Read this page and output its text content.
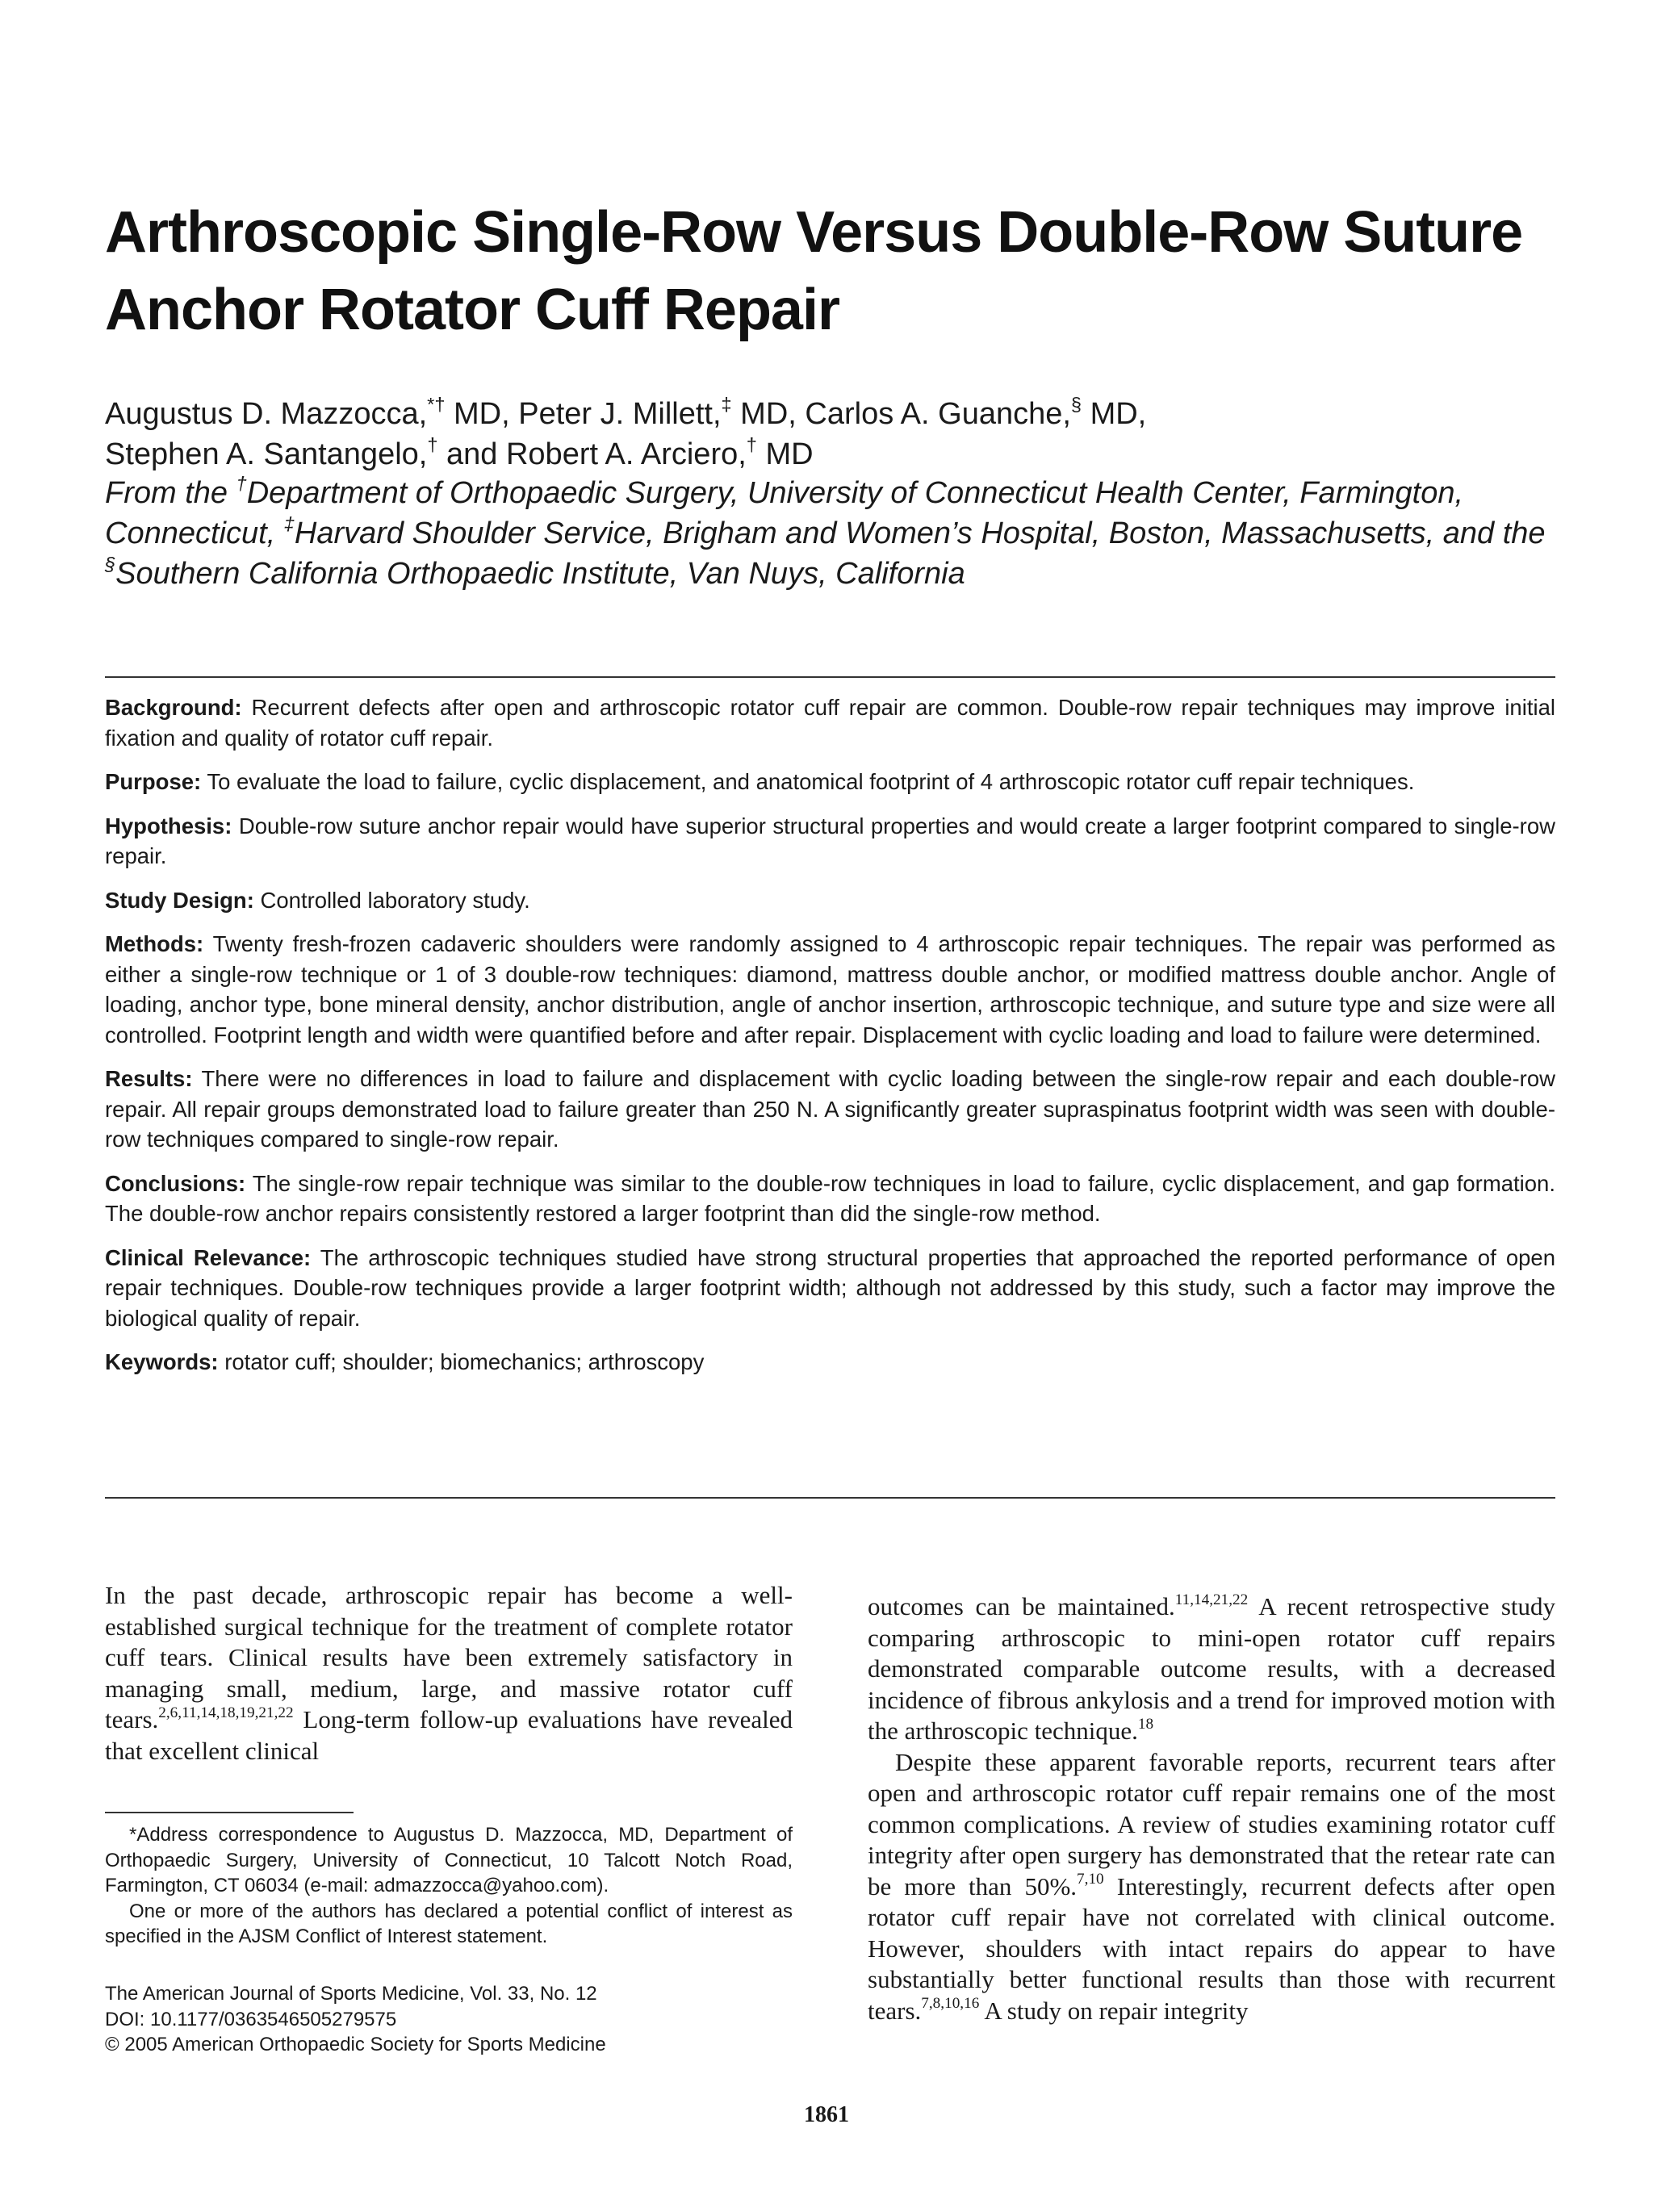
Arthroscopic Single-Row Versus Double-Row Suture Anchor Rotator Cuff Repair

Augustus D. Mazzocca,*† MD, Peter J. Millett,‡ MD, Carlos A. Guanche,§ MD,
Stephen A. Santangelo,† and Robert A. Arciero,† MD

From the †Department of Orthopaedic Surgery, University of Connecticut Health Center, Farmington, Connecticut, ‡Harvard Shoulder Service, Brigham and Women’s Hospital, Boston, Massachusetts, and the §Southern California Orthopaedic Institute, Van Nuys, California

Background: Recurrent defects after open and arthroscopic rotator cuff repair are common. Double-row repair techniques may improve initial fixation and quality of rotator cuff repair.

Purpose: To evaluate the load to failure, cyclic displacement, and anatomical footprint of 4 arthroscopic rotator cuff repair techniques.

Hypothesis: Double-row suture anchor repair would have superior structural properties and would create a larger footprint compared to single-row repair.

Study Design: Controlled laboratory study.

Methods: Twenty fresh-frozen cadaveric shoulders were randomly assigned to 4 arthroscopic repair techniques. The repair was performed as either a single-row technique or 1 of 3 double-row techniques: diamond, mattress double anchor, or modified mattress double anchor. Angle of loading, anchor type, bone mineral density, anchor distribution, angle of anchor insertion, arthroscopic technique, and suture type and size were all controlled. Footprint length and width were quantified before and after repair. Displacement with cyclic loading and load to failure were determined.

Results: There were no differences in load to failure and displacement with cyclic loading between the single-row repair and each double-row repair. All repair groups demonstrated load to failure greater than 250 N. A significantly greater supraspinatus footprint width was seen with double-row techniques compared to single-row repair.

Conclusions: The single-row repair technique was similar to the double-row techniques in load to failure, cyclic displacement, and gap formation. The double-row anchor repairs consistently restored a larger footprint than did the single-row method.

Clinical Relevance: The arthroscopic techniques studied have strong structural properties that approached the reported performance of open repair techniques. Double-row techniques provide a larger footprint width; although not addressed by this study, such a factor may improve the biological quality of repair.

Keywords: rotator cuff; shoulder; biomechanics; arthroscopy

In the past decade, arthroscopic repair has become a well-established surgical technique for the treatment of complete rotator cuff tears. Clinical results have been extremely satisfactory in managing small, medium, large, and massive rotator cuff tears.$^{2,6,11,14,18,19,21,22}$ Long-term follow-up evaluations have revealed that excellent clinical

*Address correspondence to Augustus D. Mazzocca, MD, Department of Orthopaedic Surgery, University of Connecticut, 10 Talcott Notch Road, Farmington, CT 06034 (e-mail: admazzocca@yahoo.com).

One or more of the authors has declared a potential conflict of interest as specified in the AJSM Conflict of Interest statement.

The American Journal of Sports Medicine, Vol. 33, No. 12
DOI: 10.1177/0363546505279575
© 2005 American Orthopaedic Society for Sports Medicine

outcomes can be maintained.$^{11,14,21,22}$ A recent retrospective study comparing arthroscopic to mini-open rotator cuff repairs demonstrated comparable outcome results, with a decreased incidence of fibrous ankylosis and a trend for improved motion with the arthroscopic technique.$^{18}$

Despite these apparent favorable reports, recurrent tears after open and arthroscopic rotator cuff repair remains one of the most common complications. A review of studies examining rotator cuff integrity after open surgery has demonstrated that the retear rate can be more than 50%.$^{7,10}$ Interestingly, recurrent defects after open rotator cuff repair have not correlated with clinical outcome. However, shoulders with intact repairs do appear to have substantially better functional results than those with recurrent tears.$^{7,8,10,16}$ A study on repair integrity

1861
